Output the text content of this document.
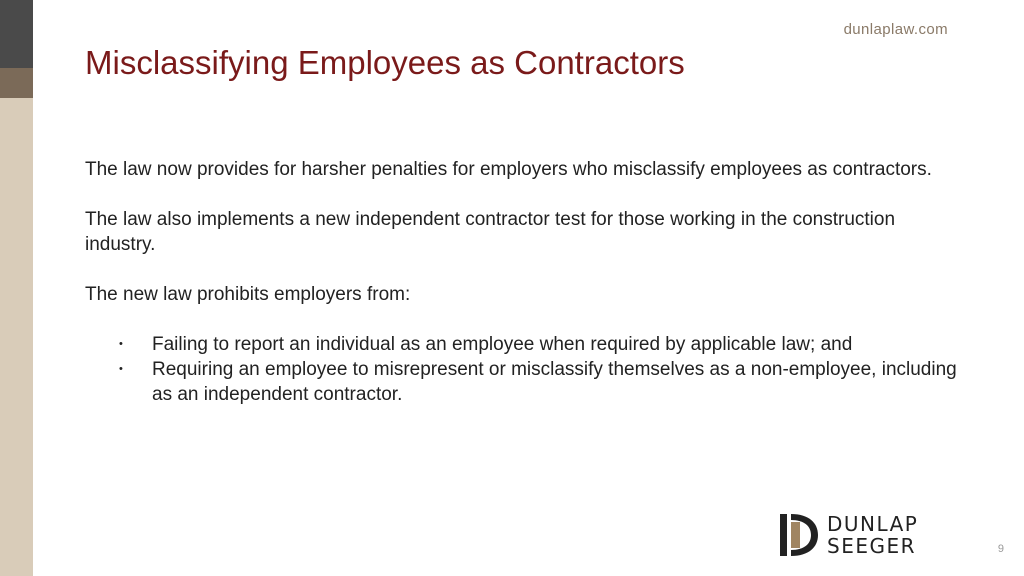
dunlaplaw.com
Misclassifying Employees as Contractors

The law now provides for harsher penalties for employers who misclassify employees as contractors.

The law also implements a new independent contractor test for those working in the construction industry.

The new law prohibits employers from:

• Failing to report an individual as an employee when required by applicable law; and
• Requiring an employee to misrepresent or misclassify themselves as a non-employee, including as an independent contractor.
DUNLAP
SEEGER	9
